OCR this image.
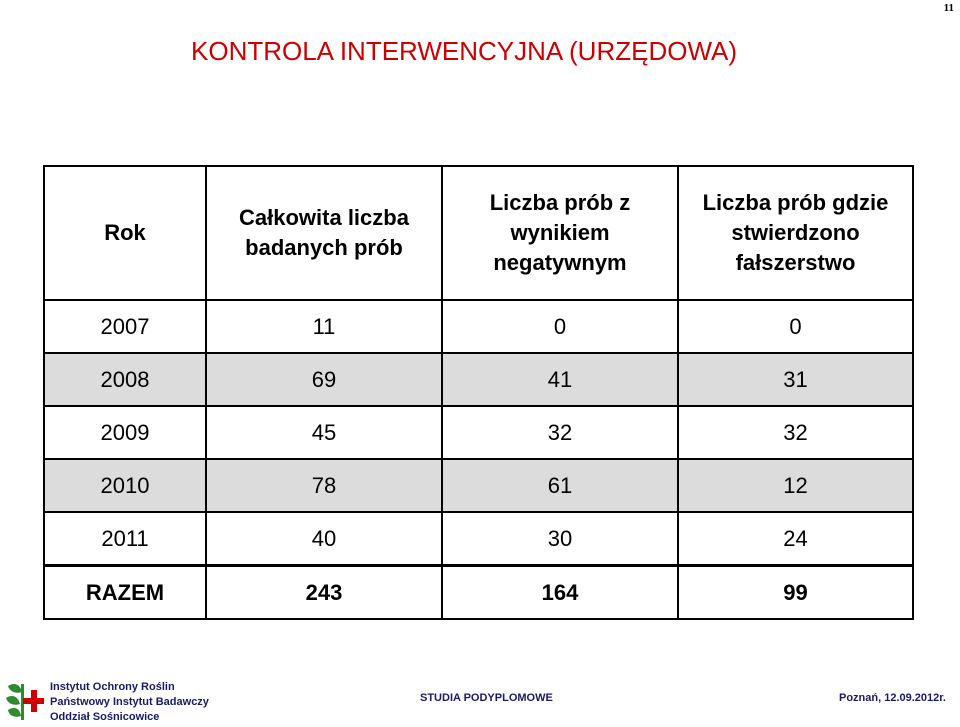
11
KONTROLA INTERWENCYJNA (URZĘDOWA)
Rok	Całkowita liczba badanych prób	Liczba prób z wynikiem negatywnym	Liczba prób gdzie stwierdzono fałszerstwo

2007	11	0	0
2008	69	41	31
2009	45	32	32
2010	78	61	12
2011	40	30	24
RAZEM	243	164	99
Instytut Ochrony Roślin
Państwowy Instytut Badawczy
Oddział Sośnicowice
STUDIA PODYPLOMOWE	Poznań, 12.09.2012r.
